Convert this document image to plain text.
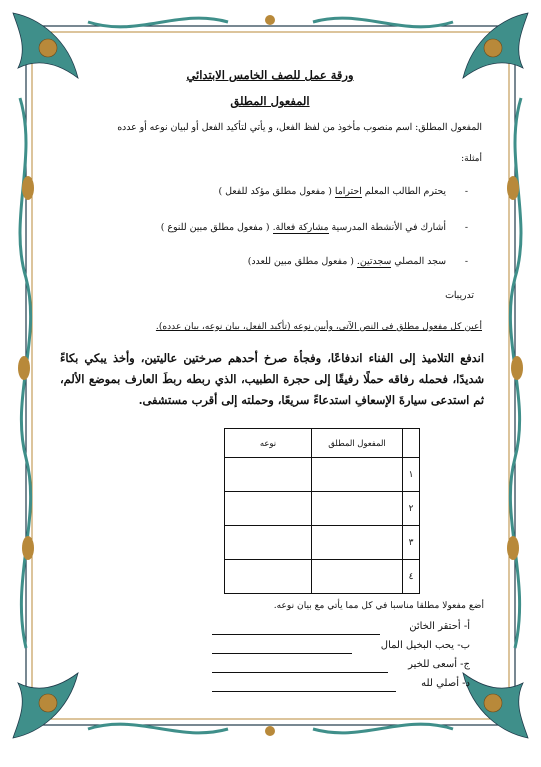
ورقة عمل للصف الخامس الابتدائي
المفعول المطلق
المفعول المطلق: اسم منصوب مأخوذ من لفظ الفعل، و يأتي لتأكيد الفعل أو لبيان نوعه أو عدده
أمثلة:
-
يحترم الطالب المعلم احتراما ( مفعول مطلق مؤكد للفعل )
-
أشارك في الأنشطة المدرسية مشاركة فعالة. ( مفعول مطلق مبين للنوع )
-
سجد المصلي سجدتين. ( مفعول مطلق مبين للعدد)
تدريبات
أعين كل مفعول مطلق في النص الآتي، وأبين نوعه (تأكيد الفعل، بيان نوعه، بيان عدده).
اندفع التلاميذ إلى الفناء اندفاعًا، وفجأة صرخ أحدهم صرختين عاليتين، وأخذ يبكي بكاءً شديدًا، فحمله رفاقه حملًا رفيقًا إلى حجرة الطبيب، الذي ربطه ربطَ العارف بموضع الألم، ثم استدعى سيارةَ الإسعافِ استدعاءً سريعًا، وحملته إلى أقرب مستشفى.
	المفعول المطلق	نوعه
١		
٢		
٣		
٤		
أضع مفعولا مطلقا مناسبا في كل مما يأتي مع بيان نوعه.
أ- أحتقر الخائن
ب- يحب البخيل المال
ج- أسعى للخير
د- أصلي لله
